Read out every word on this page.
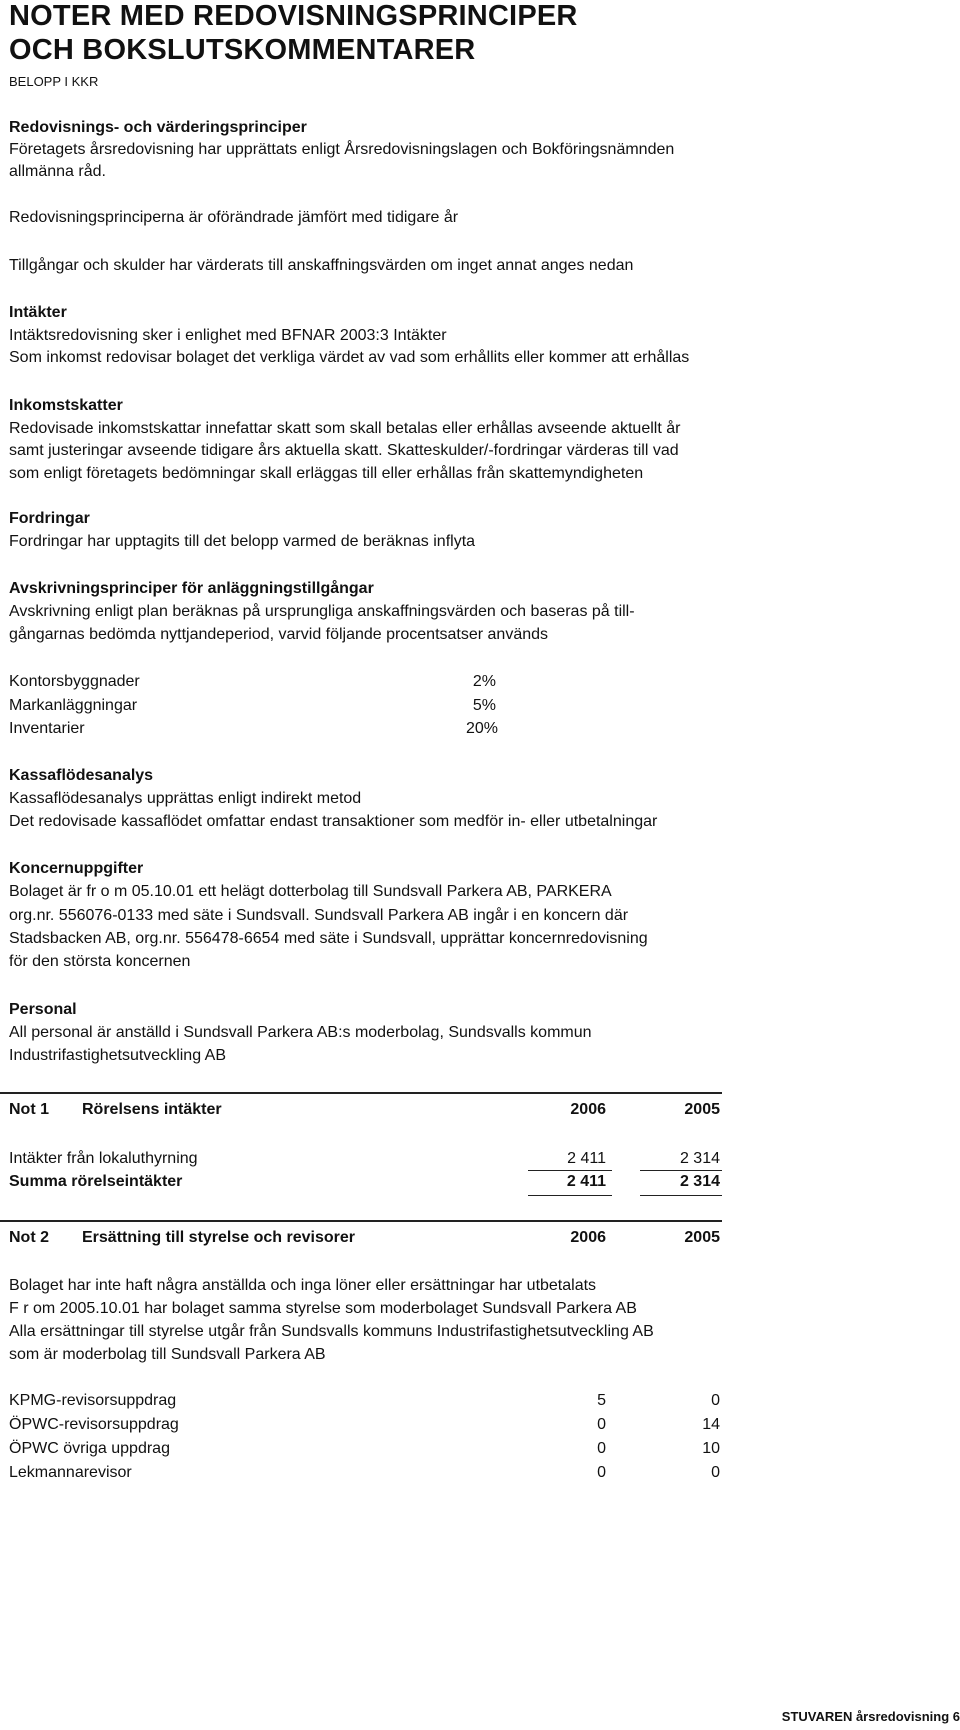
NOTER MED REDOVISNINGSPRINCIPER
OCH BOKSLUTSKOMMENTARER
BELOPP I KKR
Redovisnings- och värderingsprinciper
Företagets årsredovisning har upprättats enligt Årsredovisningslagen och Bokföringsnämnden
allmänna råd.
Redovisningsprinciperna är oförändrade jämfört med tidigare år
Tillgångar och skulder har värderats till anskaffningsvärden om inget annat anges nedan
Intäkter
Intäktsredovisning sker i enlighet med BFNAR 2003:3 Intäkter
Som inkomst redovisar bolaget det verkliga värdet av vad som erhållits eller kommer att erhållas
Inkomstskatter
Redovisade inkomstskattar innefattar skatt som skall betalas eller erhållas avseende aktuellt år
samt justeringar avseende tidigare års aktuella skatt. Skatteskulder/-fordringar värderas till vad
som enligt företagets bedömningar skall erläggas till eller erhållas från skattemyndigheten
Fordringar
Fordringar har upptagits till det belopp varmed de beräknas inflyta
Avskrivningsprinciper för anläggningstillgångar
Avskrivning enligt plan beräknas på ursprungliga anskaffningsvärden och baseras på till-
gångarnas bedömda nyttjandeperiod, varvid följande procentsatser används
Kontorsbyggnader	2%
Markanläggningar	5%
Inventarier	20%
Kassaflödesanalys
Kassaflödesanalys upprättas enligt indirekt metod
Det redovisade kassaflödet omfattar endast transaktioner som medför in- eller utbetalningar
Koncernuppgifter
Bolaget är fr o m 05.10.01 ett helägt dotterbolag till Sundsvall Parkera AB, PARKERA
org.nr. 556076-0133 med säte i Sundsvall. Sundsvall Parkera AB ingår i en koncern där
Stadsbacken AB, org.nr. 556478-6654 med säte i Sundsvall, upprättar koncernredovisning
för den största koncernen
Personal
All personal är anställd i Sundsvall Parkera AB:s moderbolag, Sundsvalls kommun
Industrifastighetsutveckling AB
Not 1 Rörelsens intäkter	2006	2005
Intäkter från lokaluthyrning	2 411	2 314
Summa rörelseintäkter	2 411	2 314
Not 2 Ersättning till styrelse och revisorer	2006	2005
Bolaget har inte haft några anställda och inga löner eller ersättningar har utbetalats
F r om 2005.10.01 har bolaget samma styrelse som moderbolaget Sundsvall Parkera AB
Alla ersättningar till styrelse utgår från Sundsvalls kommuns Industrifastighetsutveckling AB
som är moderbolag till Sundsvall Parkera AB
KPMG-revisorsuppdrag	5	0
ÖPWC-revisorsuppdrag	0	14
ÖPWC övriga uppdrag	0	10
Lekmannarevisor	0	0
STUVAREN årsredovisning 6
